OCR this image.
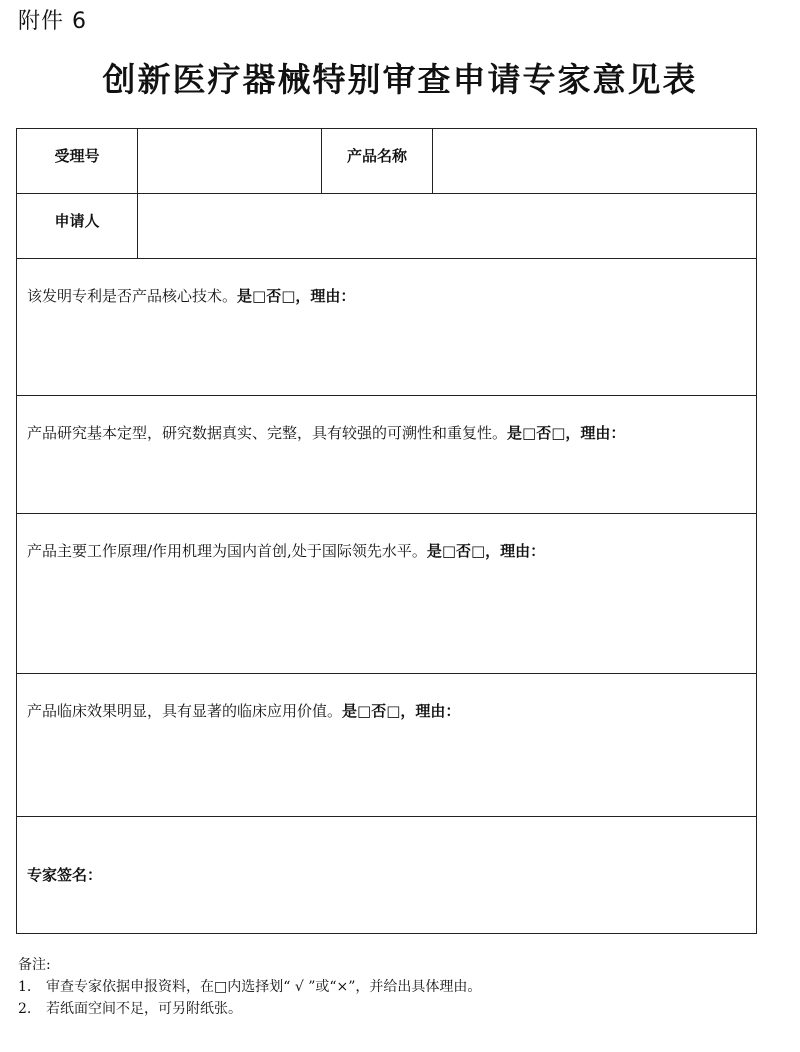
附件 6
创新医疗器械特别审查申请专家意见表
受理号		产品名称	
申请人			
该发明专利是否产品核心技术。是□否□，理由：			
产品研究基本定型，研究数据真实、完整，具有较强的可溯性和重复性。是□否□，理由：			
产品主要工作原理/作用机理为国内首创,处于国际领先水平。是□否□，理由：			
产品临床效果明显，具有显著的临床应用价值。是□否□，理由：			
专家签名：			
备注:
1. 审查专家依据申报资料，在□内选择划“ √ ”或“×”，并给出具体理由。
2. 若纸面空间不足，可另附纸张。
